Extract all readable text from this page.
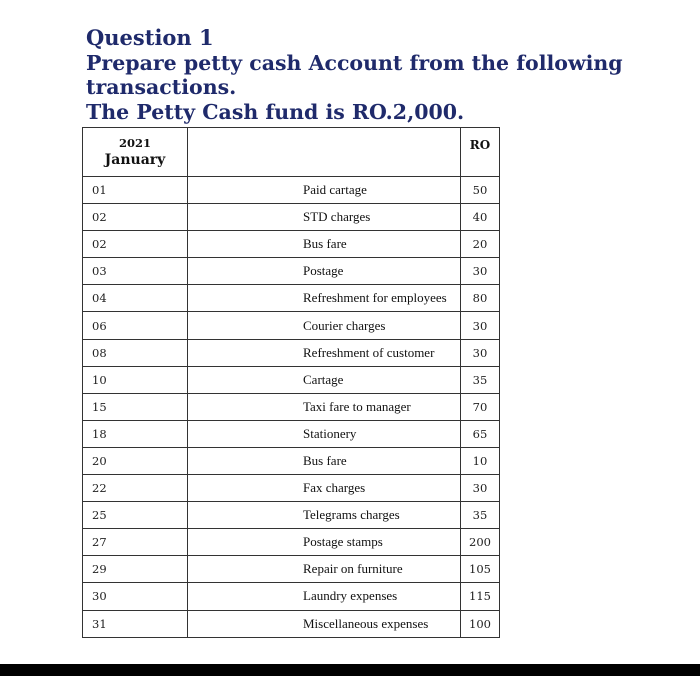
Question 1
Prepare petty cash Account from the following
transactions.
The Petty Cash fund is RO.2,000.
2021
January		RO
01	Paid cartage	50
02	STD charges	40
02	Bus fare	20
03	Postage	30
04	Refreshment for employees	80
06	Courier charges	30
08	Refreshment of customer	30
10	Cartage	35
15	Taxi fare to manager	70
18	Stationery	65
20	Bus fare	10
22	Fax charges	30
25	Telegrams charges	35
27	Postage stamps	200
29	Repair on furniture	105
30	Laundry expenses	115
31	Miscellaneous expenses	100
